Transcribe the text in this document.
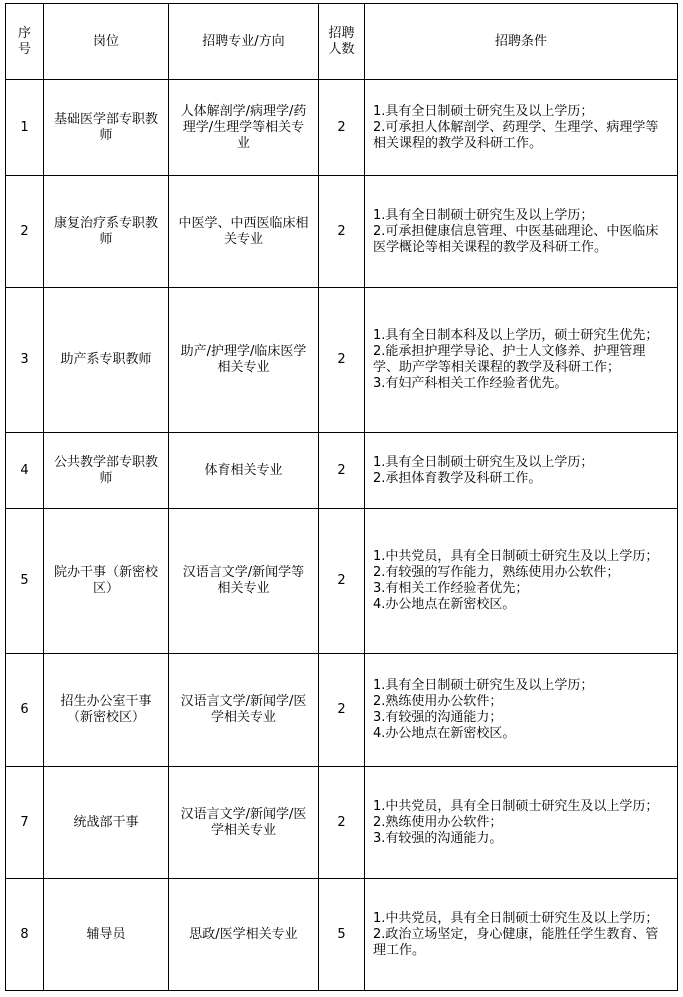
序号	岗位	招聘专业/方向	招聘人数	招聘条件
1	基础医学部专职教师	人体解剖学/病理学/药理学/生理学等相关专业	2	1.具有全日制硕士研究生及以上学历；
2.可承担人体解剖学、药理学、生理学、病理学等相关课程的教学及科研工作。

2	康复治疗系专职教师	中医学、中西医临床相关专业	2	1.具有全日制硕士研究生及以上学历；
2.可承担健康信息管理、中医基础理论、中医临床医学概论等相关课程的教学及科研工作。

3	助产系专职教师	助产/护理学/临床医学相关专业	2	1.具有全日制本科及以上学历，硕士研究生优先；
2.能承担护理学导论、护士人文修养、护理管理学、助产学等相关课程的教学及科研工作；
3.有妇产科相关工作经验者优先。

4	公共教学部专职教师	体育相关专业	2	1.具有全日制硕士研究生及以上学历；
2.承担体育教学及科研工作。

5	院办干事（新密校区）	汉语言文学/新闻学等相关专业	2	1.中共党员，具有全日制硕士研究生及以上学历；
2.有较强的写作能力，熟练使用办公软件；
3.有相关工作经验者优先；
4.办公地点在新密校区。

6	招生办公室干事（新密校区）	汉语言文学/新闻学/医学相关专业	2	1.具有全日制硕士研究生及以上学历；
2.熟练使用办公软件；
3.有较强的沟通能力；
4.办公地点在新密校区。

7	统战部干事	汉语言文学/新闻学/医学相关专业	2	1.中共党员，具有全日制硕士研究生及以上学历；
2.熟练使用办公软件；
3.有较强的沟通能力。

8	辅导员	思政/医学相关专业	5	1.中共党员，具有全日制硕士研究生及以上学历；
2.政治立场坚定，身心健康，能胜任学生教育、管理工作。
